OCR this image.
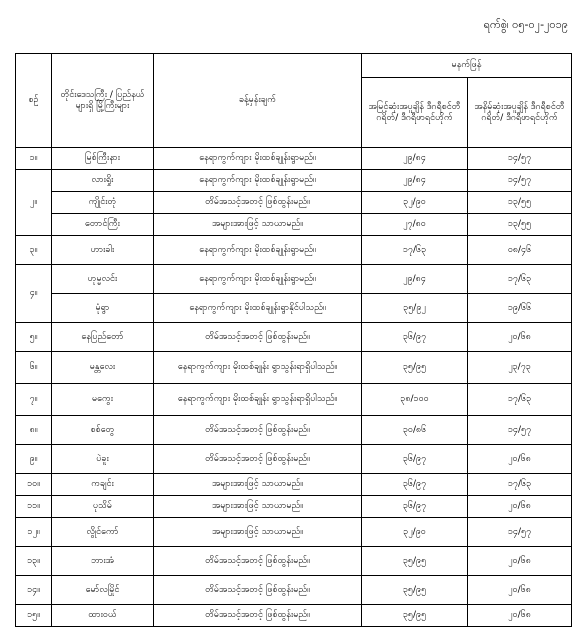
ရက်စွဲ၊ ၀၅-၀၂-၂၀၁၉
စဉ်	တိုင်းဒေသကြီး / ပြည်နယ်များရှိ မြို့ကြီးများ	ခန့်မှန်းချက်	မနက်ဖြန်	
			အမြင့်ဆုံးအပူချိန် ဒီဂရီစင်တီဂရိတ်/ ဒီဂရီဖာရင်ဟိုက်	အနိမ့်ဆုံးအပူချိန် ဒီဂရီစင်တီဂရိတ်/ ဒီဂရီဖာရင်ဟိုက်
၁။	မြစ်ကြီးနား	နေရာကွက်ကျား မိုးထစ်ချုန်းရွာမည်။	၂၉/၈၄	၁၄/၅၇
၂။	လားရှိုး	နေရာကွက်ကျား မိုးထစ်ချုန်းရွာမည်။	၂၉/၈၄	၁၄/၅၇
	ကျိုင်းတုံ	တိမ်အသင့်အတင့် ဖြစ်ထွန်းမည်။	၃၂/၉၀	၁၃/၅၅
	တောင်ကြီး	အများအားဖြင့် သာယာမည်။	၂၇/၈၀	၁၃/၅၅
၃။	ဟားခါး	နေရာကွက်ကျား မိုးထစ်ချုန်းရွာမည်။	၁၇/၆၃	၀၈/၄၆
၄။	ဟုမ္မလင်း	နေရာကွက်ကျား မိုးထစ်ချုန်းရွာမည်။	၂၉/၈၄	၁၇/၆၃
	မုံရွာ	နေရာကွက်ကျား မိုးထစ်ချုန်းရွာနိုင်ပါသည်။	၃၅/၉၂	၁၉/၆၆
၅။	နေပြည်တော်	တိမ်အသင့်အတင့် ဖြစ်ထွန်းမည်။	၃၆/၉၇	၂၀/၆၈
၆။	မန္တလေး	နေရာကွက်ကျား မိုးထစ်ချုန်း ရွာသွန်းရာရှိပါသည်။	၃၅/၉၅	၂၃/၇၃
၇။	မကွေး	နေရာကွက်ကျား မိုးထစ်ချုန်း ရွာသွန်းရာရှိပါသည်။	၃၈/၁၀၀	၁၇/၆၃
၈။	စစ်တွေ	တိမ်အသင့်အတင့် ဖြစ်ထွန်းမည်။	၃၀/၈၆	၁၄/၅၇
၉။	ပဲခူး	တိမ်အသင့်အတင့် ဖြစ်ထွန်းမည်။	၃၆/၉၇	၂၀/၆၈
၁၀။	ကချင်း	အများအားဖြင့် သာယာမည်။	၃၆/၉၇	၁၇/၆၃
၁၁။	ပုသိမ်	အများအားဖြင့် သာယာမည်။	၃၆/၉၇	၂၀/၆၈
၁၂။	လွိုင်ကော်	အများအားဖြင့် သာယာမည်။	၃၂/၉၀	၁၄/၅၇
၁၃။	ဘားအံ	တိမ်အသင့်အတင့် ဖြစ်ထွန်းမည်။	၃၅/၉၅	၂၀/၆၈
၁၄။	မော်လမြိုင်	တိမ်အသင့်အတင့် ဖြစ်ထွန်းမည်။	၃၅/၉၅	၂၀/၆၈
၁၅။	ထားဝယ်	တိမ်အသင့်အတင့် ဖြစ်ထွန်းမည်။	၃၅/၉၅	၂၀/၆၈
